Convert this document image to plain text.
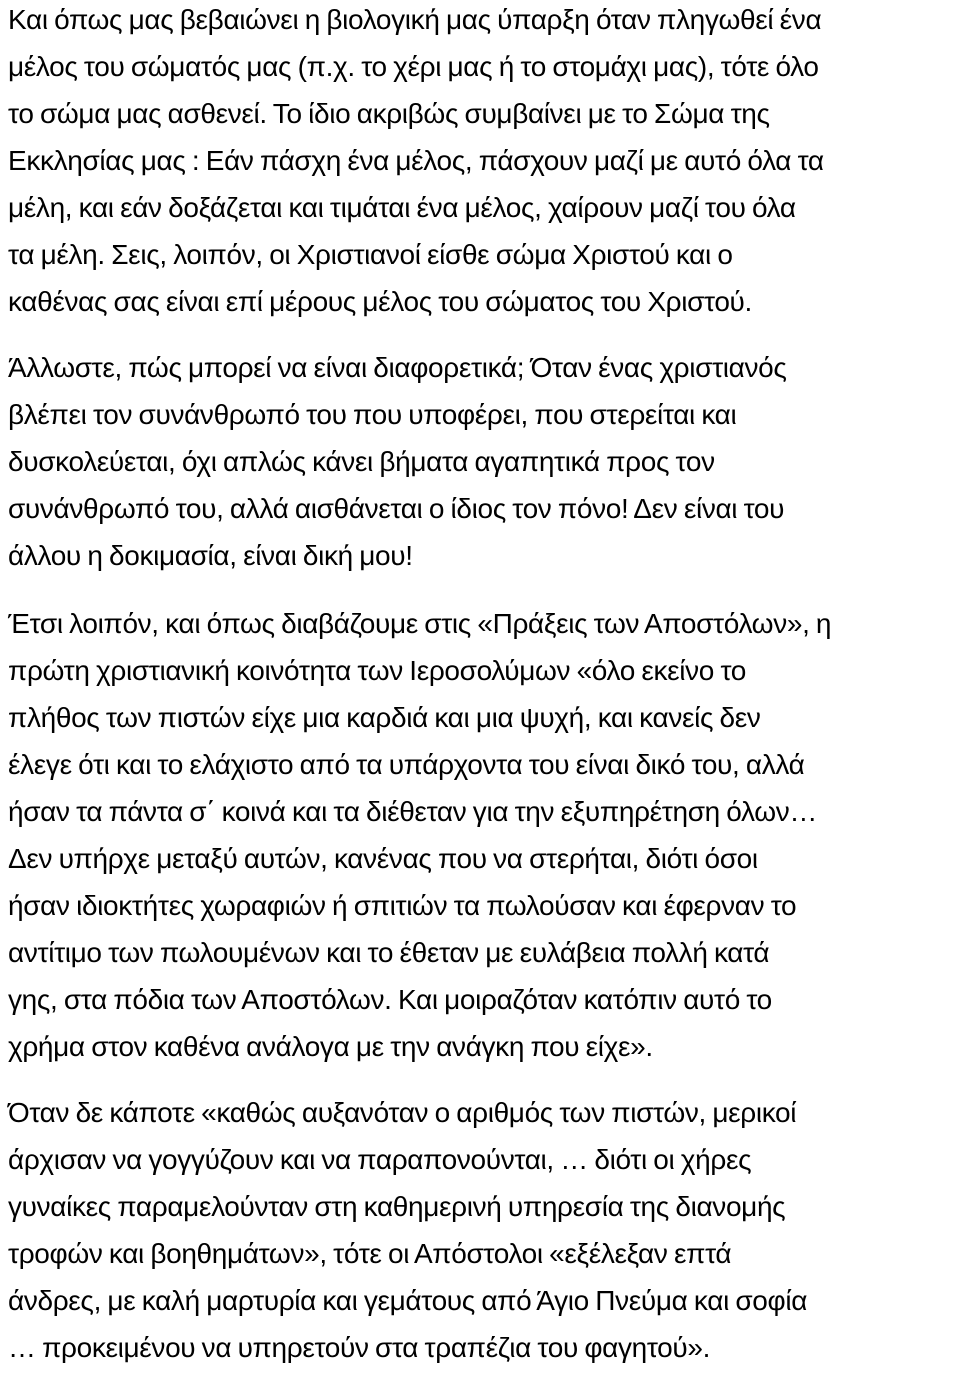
Και όπως μας βεβαιώνει η βιολογική μας ύπαρξη όταν πληγωθεί ένα
μέλος του σώματός μας (π.χ. το χέρι μας ή το στομάχι μας), τότε όλο
το σώμα μας ασθενεί. Το ίδιο ακριβώς συμβαίνει με το Σώμα της
Εκκλησίας μας : Εάν πάσχη ένα μέλος, πάσχουν μαζί με αυτό όλα τα
μέλη, και εάν δοξάζεται και τιμάται ένα μέλος, χαίρουν μαζί του όλα
τα μέλη. Σεις, λοιπόν, οι Χριστιανοί είσθε σώμα Χριστού και ο
καθένας σας είναι επί μέρους μέλος του σώματος του Χριστού.
Άλλωστε, πώς μπορεί να είναι διαφορετικά; Όταν ένας χριστιανός
βλέπει τον συνάνθρωπό του που υποφέρει, που στερείται και
δυσκολεύεται, όχι απλώς κάνει βήματα αγαπητικά προς τον
συνάνθρωπό του, αλλά αισθάνεται ο ίδιος τον πόνο! Δεν είναι του
άλλου η δοκιμασία, είναι δική μου!
Έτσι λοιπόν, και όπως διαβάζουμε στις «Πράξεις των Αποστόλων», η
πρώτη χριστιανική κοινότητα των Ιεροσολύμων «όλο εκείνο το
πλήθος των πιστών είχε μια καρδιά και μια ψυχή, και κανείς δεν
έλεγε ότι και το ελάχιστο από τα υπάρχοντα του είναι δικό του, αλλά
ήσαν τα πάντα σ΄ κοινά και τα διέθεταν για την εξυπηρέτηση όλων…
Δεν υπήρχε μεταξύ αυτών, κανένας που να στερήται, διότι όσοι
ήσαν ιδιοκτήτες χωραφιών ή σπιτιών τα πωλούσαν και έφερναν το
αντίτιμο των πωλουμένων και το έθεταν με ευλάβεια πολλή κατά
γης, στα πόδια των Αποστόλων. Και μοιραζόταν κατόπιν αυτό το
χρήμα στον καθένα ανάλογα με την ανάγκη που είχε».
Όταν δε κάποτε «καθώς αυξανόταν ο αριθμός των πιστών, μερικοί
άρχισαν να γογγύζουν και να παραπονούνται, … διότι οι χήρες
γυναίκες παραμελούνταν στη καθημερινή υπηρεσία της διανομής
τροφών και βοηθημάτων», τότε οι Απόστολοι «εξέλεξαν επτά
άνδρες, με καλή μαρτυρία και γεμάτους από Άγιο Πνεύμα και σοφία
… προκειμένου να υπηρετούν στα τραπέζια του φαγητού».
